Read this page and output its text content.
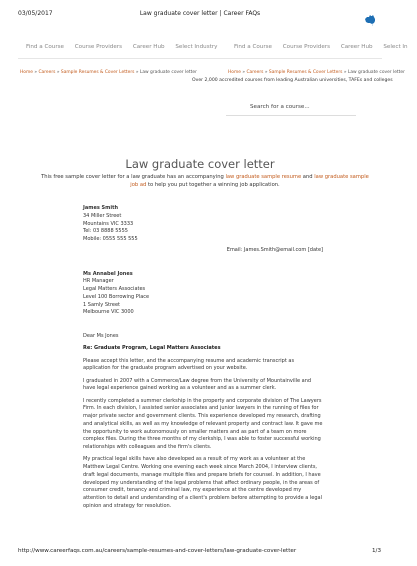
Law graduate cover letter | Career FAQs
03/05/2017
Find a Course Course Providers Career Hub Select Industry	Find a Course Course Providers Career Hub Select In
Home » Careers » Sample Resumes & Cover Letters » Law graduate cover letter	Home » Careers » Sample Resumes & Cover Letters » Law graduate cover letter
Over 2,000 accredited courses from leading Australian universities, TAFEs and colleges
Search for a course...
Law graduate cover letter
This free sample cover letter for a law graduate has an accompanying law graduate sample resume and law graduate sample job ad to help you put together a winning job application.
James Smith
34 Miller Street
Mountains VIC 3333
Tel: 03 8888 5555
Mobile: 0555 555 555
Email: James.Smith@email.com [date]
Ms Annabel Jones
HR Manager
Legal Matters Associates
Level 100 Borrowing Place
1 Samly Street
Melbourne VIC 3000
Dear Ms Jones
Re: Graduate Program, Legal Matters Associates
Please accept this letter, and the accompanying resume and academic transcript as application for the graduate program advertised on your website.
I graduated in 2007 with a Commerce/Law degree from the University of Mountainville and have legal experience gained working as a volunteer and as a summer clerk.
I recently completed a summer clerkship in the property and corporate division of The Lawyers Firm. In each division, I assisted senior associates and junior lawyers in the running of files for major private sector and government clients. This experience developed my research, drafting and analytical skills, as well as my knowledge of relevant property and contract law. It gave me the opportunity to work autonomously on smaller matters and as part of a team on more complex files. During the three months of my clerkship, I was able to foster successful working relationships with colleagues and the firm's clients.
My practical legal skills have also developed as a result of my work as a volunteer at the Matthew Legal Centre. Working one evening each week since March 2004, I interview clients, draft legal documents, manage multiple files and prepare briefs for counsel. In addition, I have developed my understanding of the legal problems that affect ordinary people, in the areas of consumer credit, tenancy and criminal law, my experience at the centre developed my attention to detail and understanding of a client's problem before attempting to provide a legal opinion and strategy for resolution.
http://www.careerfaqs.com.au/careers/sample-resumes-and-cover-letters/law-graduate-cover-letter	1/3
